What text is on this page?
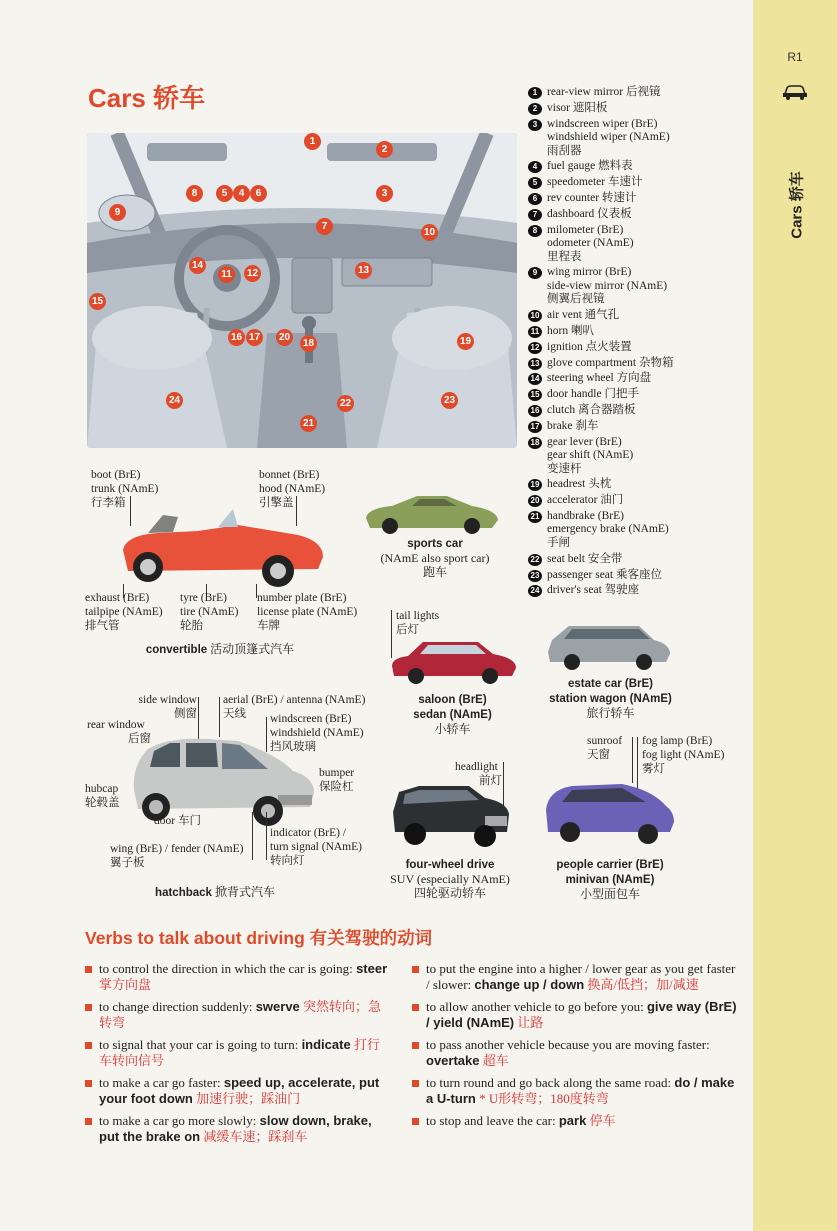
R1
Cars 轿车
Cars 轿车
1
2
3
4
5	6
7
8
9
10
11	12	13
14
15
16 17
18	19
20
21
22	23
24
1 rear-view mirror 后视镜
2 visor 遮阳板
3 windscreen wiper (BrE)
windshield wiper (NAmE)
雨刮器
4 fuel gauge 燃料表
5 speedometer 车速计
6 rev counter 转速计
7 dashboard 仪表板
8 milometer (BrE)
odometer (NAmE)
里程表
9 wing mirror (BrE)
side-view mirror (NAmE)
侧翼后视镜
10 air vent 通气孔
11 horn 喇叭
12 ignition 点火装置
13 glove compartment 杂物箱
14 steering wheel 方向盘
15 door handle 门把手
16 clutch 离合器踏板
17 brake 刹车
18 gear lever (BrE)
gear shift (NAmE)
变速杆
19 headrest 头枕
20 accelerator 油门
21 handbrake (BrE)
emergency brake (NAmE)
手闸
22 seat belt 安全带
23 passenger seat 乘客座位
24 driver's seat 驾驶座
boot (BrE)
trunk (NAmE)
行李箱
bonnet (BrE)
hood (NAmE)
引擎盖
exhaust (BrE)
tailpipe (NAmE)
排气管
tyre (BrE)
tire (NAmE)
轮胎
number plate (BrE)
license plate (NAmE)
车牌
convertible 活动顶篷式汽车
sports car
(NAmE also sport car)
跑车
tail lights
后灯
saloon (BrE)
sedan (NAmE)
小轿车
estate car (BrE)
station wagon (NAmE)
旅行轿车
side window
侧窗
aerial (BrE) / antenna (NAmE)
天线
rear window
后窗
windscreen (BrE)
windshield (NAmE)
挡风玻璃
bumper
保险杠
hubcap
轮毂盖
door 车门
wing (BrE) / fender (NAmE)
翼子板
indicator (BrE) /
turn signal (NAmE)
转向灯
hatchback 掀背式汽车
headlight
前灯
four-wheel drive
SUV (especially NAmE)
四轮驱动轿车
sunroof
天窗
fog lamp (BrE)
fog light (NAmE)
雾灯
people carrier (BrE)
minivan (NAmE)
小型面包车
Verbs to talk about driving 有关驾驶的动词
to control the direction in which the car is going: steer 掌方向盘
to change direction suddenly: swerve 突然转向；急转弯
to signal that your car is going to turn: indicate 打行车转向信号
to make a car go faster: speed up, accelerate, put your foot down 加速行驶；踩油门
to make a car go more slowly: slow down, brake, put the brake on 减缓车速；踩刹车
to put the engine into a higher / lower gear as you get faster / slower: change up / down 换高/低挡；加/减速
to allow another vehicle to go before you: give way (BrE) / yield (NAmE) 让路
to pass another vehicle because you are moving faster: overtake 超车
to turn round and go back along the same road: do / make a U-turn * U形转弯；180度转弯
to stop and leave the car: park 停车
